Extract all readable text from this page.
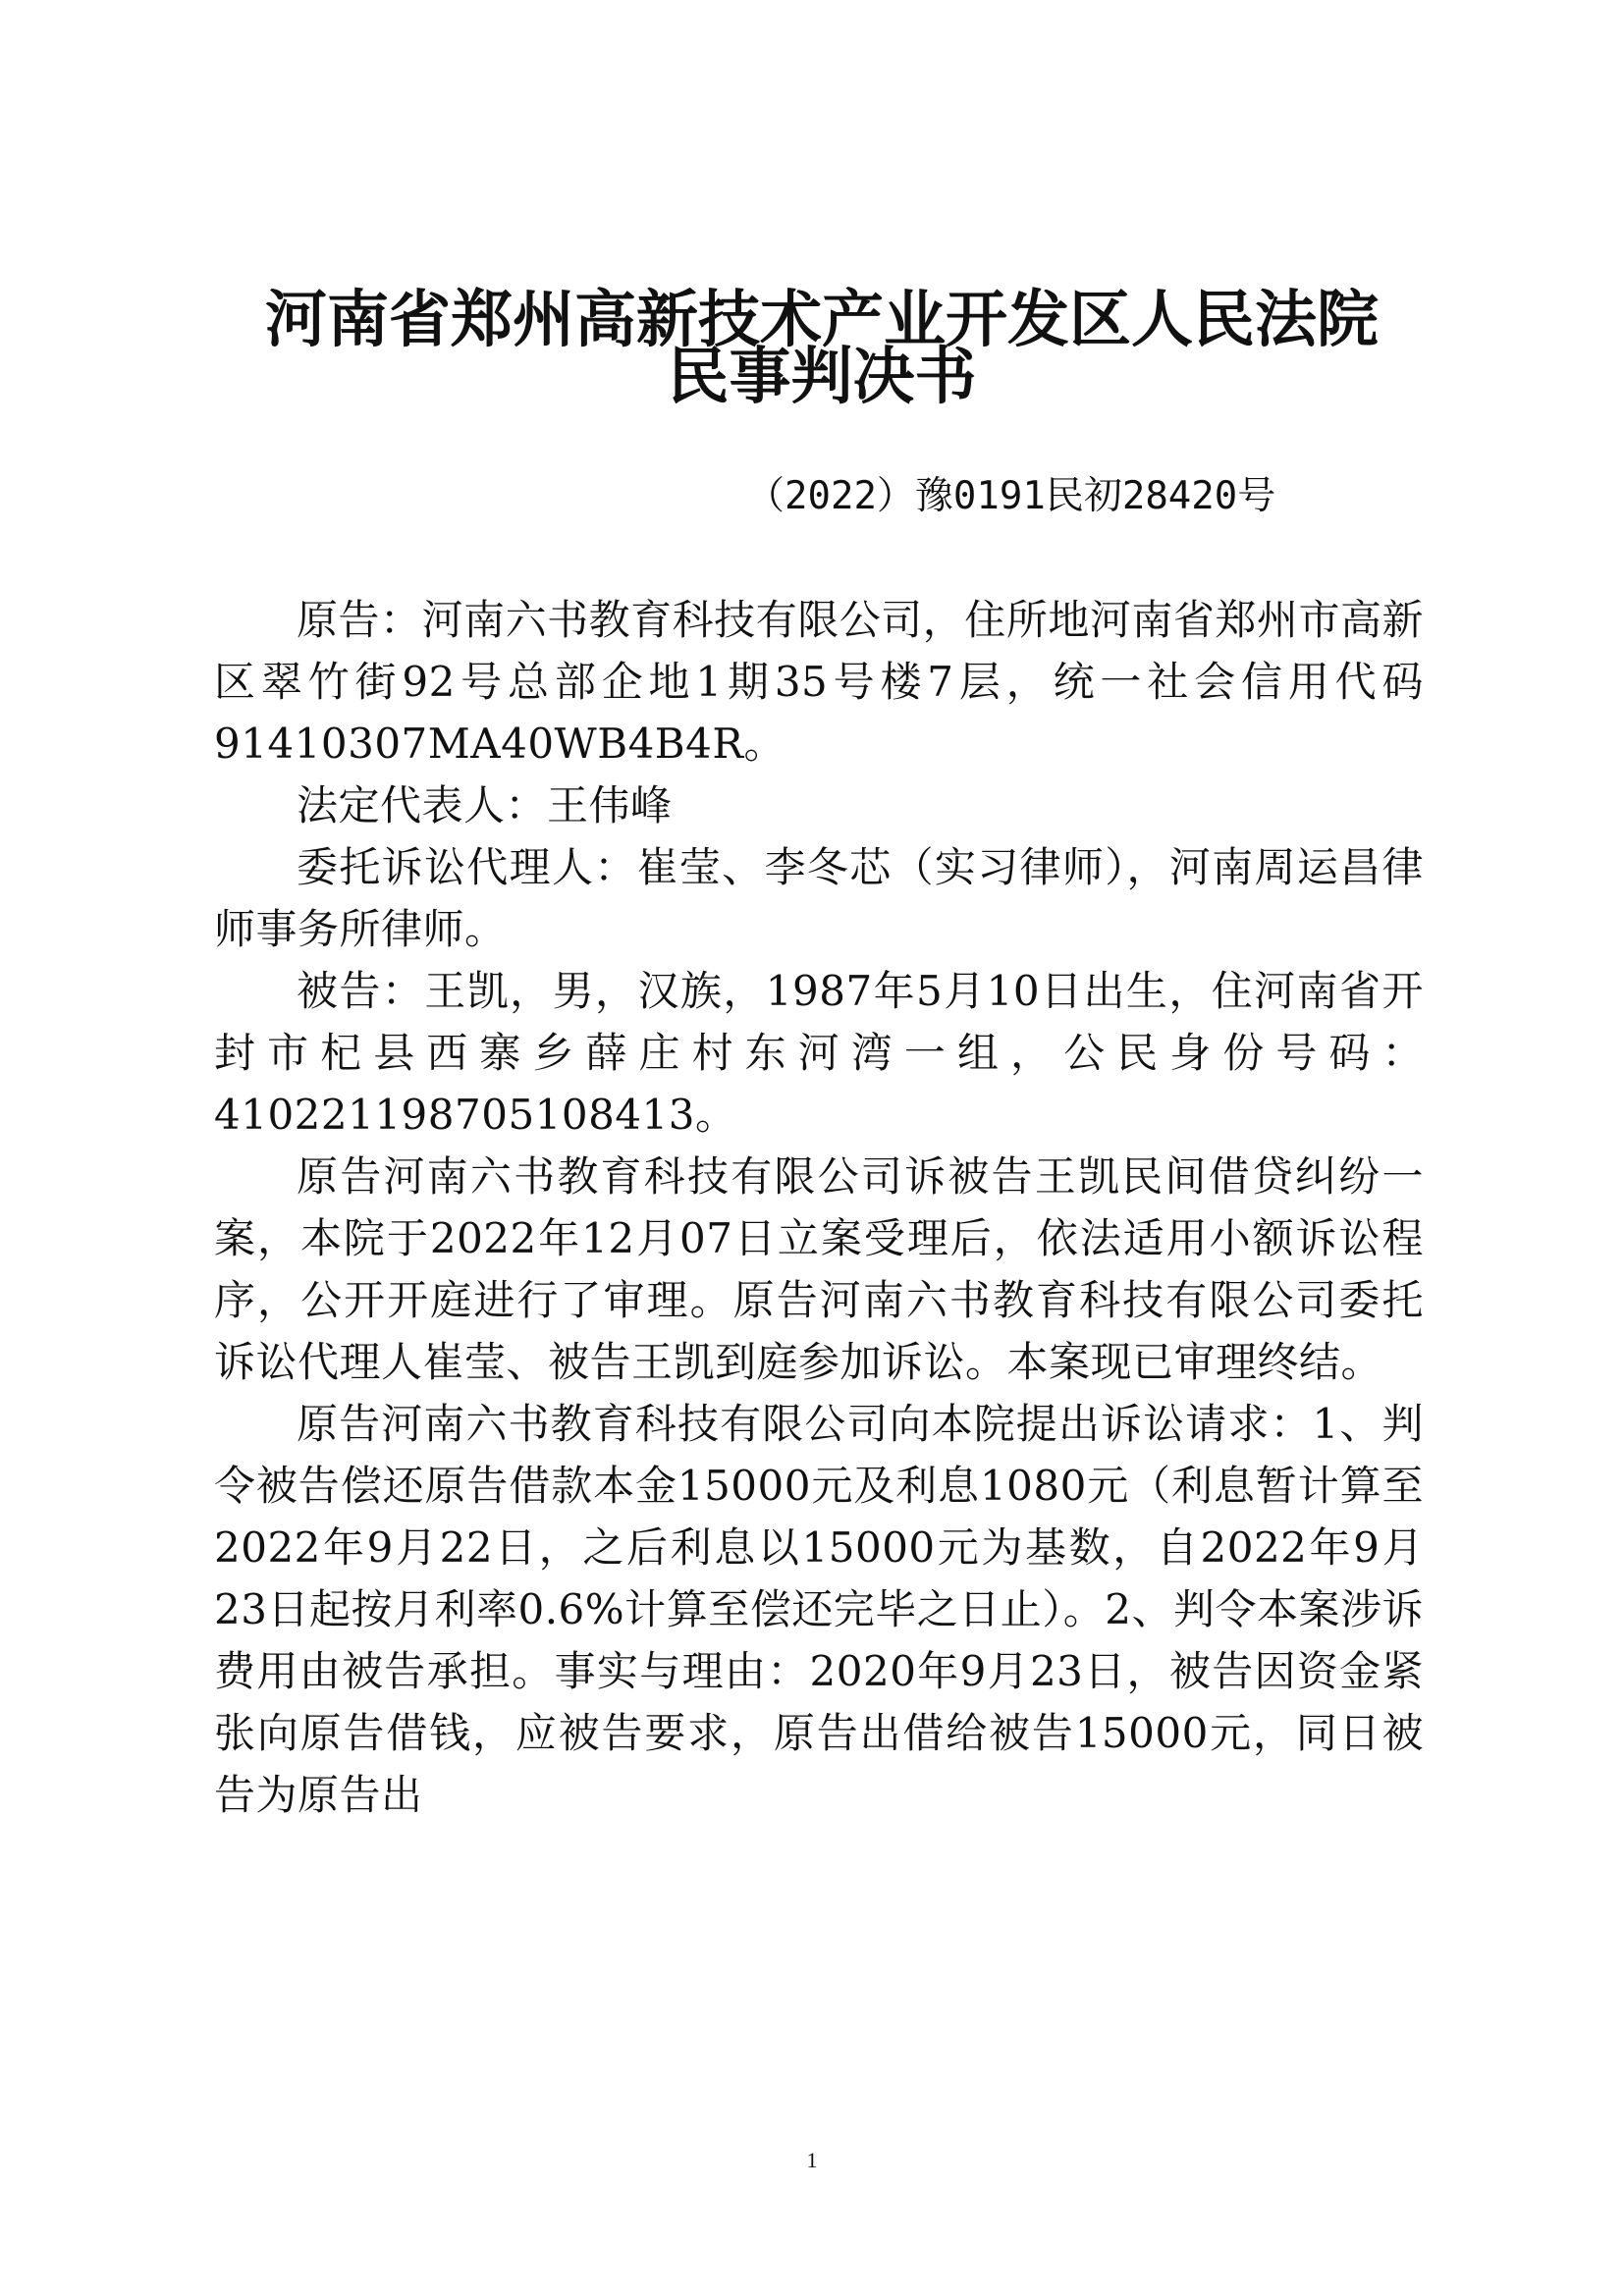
河南省郑州高新技术产业开发区人民法院
民事判决书
（2022）豫0191民初28420号

原告：河南六书教育科技有限公司，住所地河南省郑州市高新区翠竹街92号总部企地1期35号楼7层，统一社会信用代码91410307MA40WB4B4R。

法定代表人：王伟峰

委托诉讼代理人：崔莹、李冬芯（实习律师），河南周运昌律师事务所律师。

被告：王凯，男，汉族，1987年5月10日出生，住河南省开封市杞县西寨乡薛庄村东河湾一组，公民身份号码：410221198705108413。

原告河南六书教育科技有限公司诉被告王凯民间借贷纠纷一案，本院于2022年12月07日立案受理后，依法适用小额诉讼程序，公开开庭进行了审理。原告河南六书教育科技有限公司委托诉讼代理人崔莹、被告王凯到庭参加诉讼。本案现已审理终结。

原告河南六书教育科技有限公司向本院提出诉讼请求：1、判令被告偿还原告借款本金15000元及利息1080元（利息暂计算至2022年9月22日，之后利息以15000元为基数，自2022年9月23日起按月利率0.6%计算至偿还完毕之日止）。2、判令本案涉诉费用由被告承担。事实与理由：2020年9月23日，被告因资金紧张向原告借钱，应被告要求，原告出借给被告15000元，同日被告为原告出

1
